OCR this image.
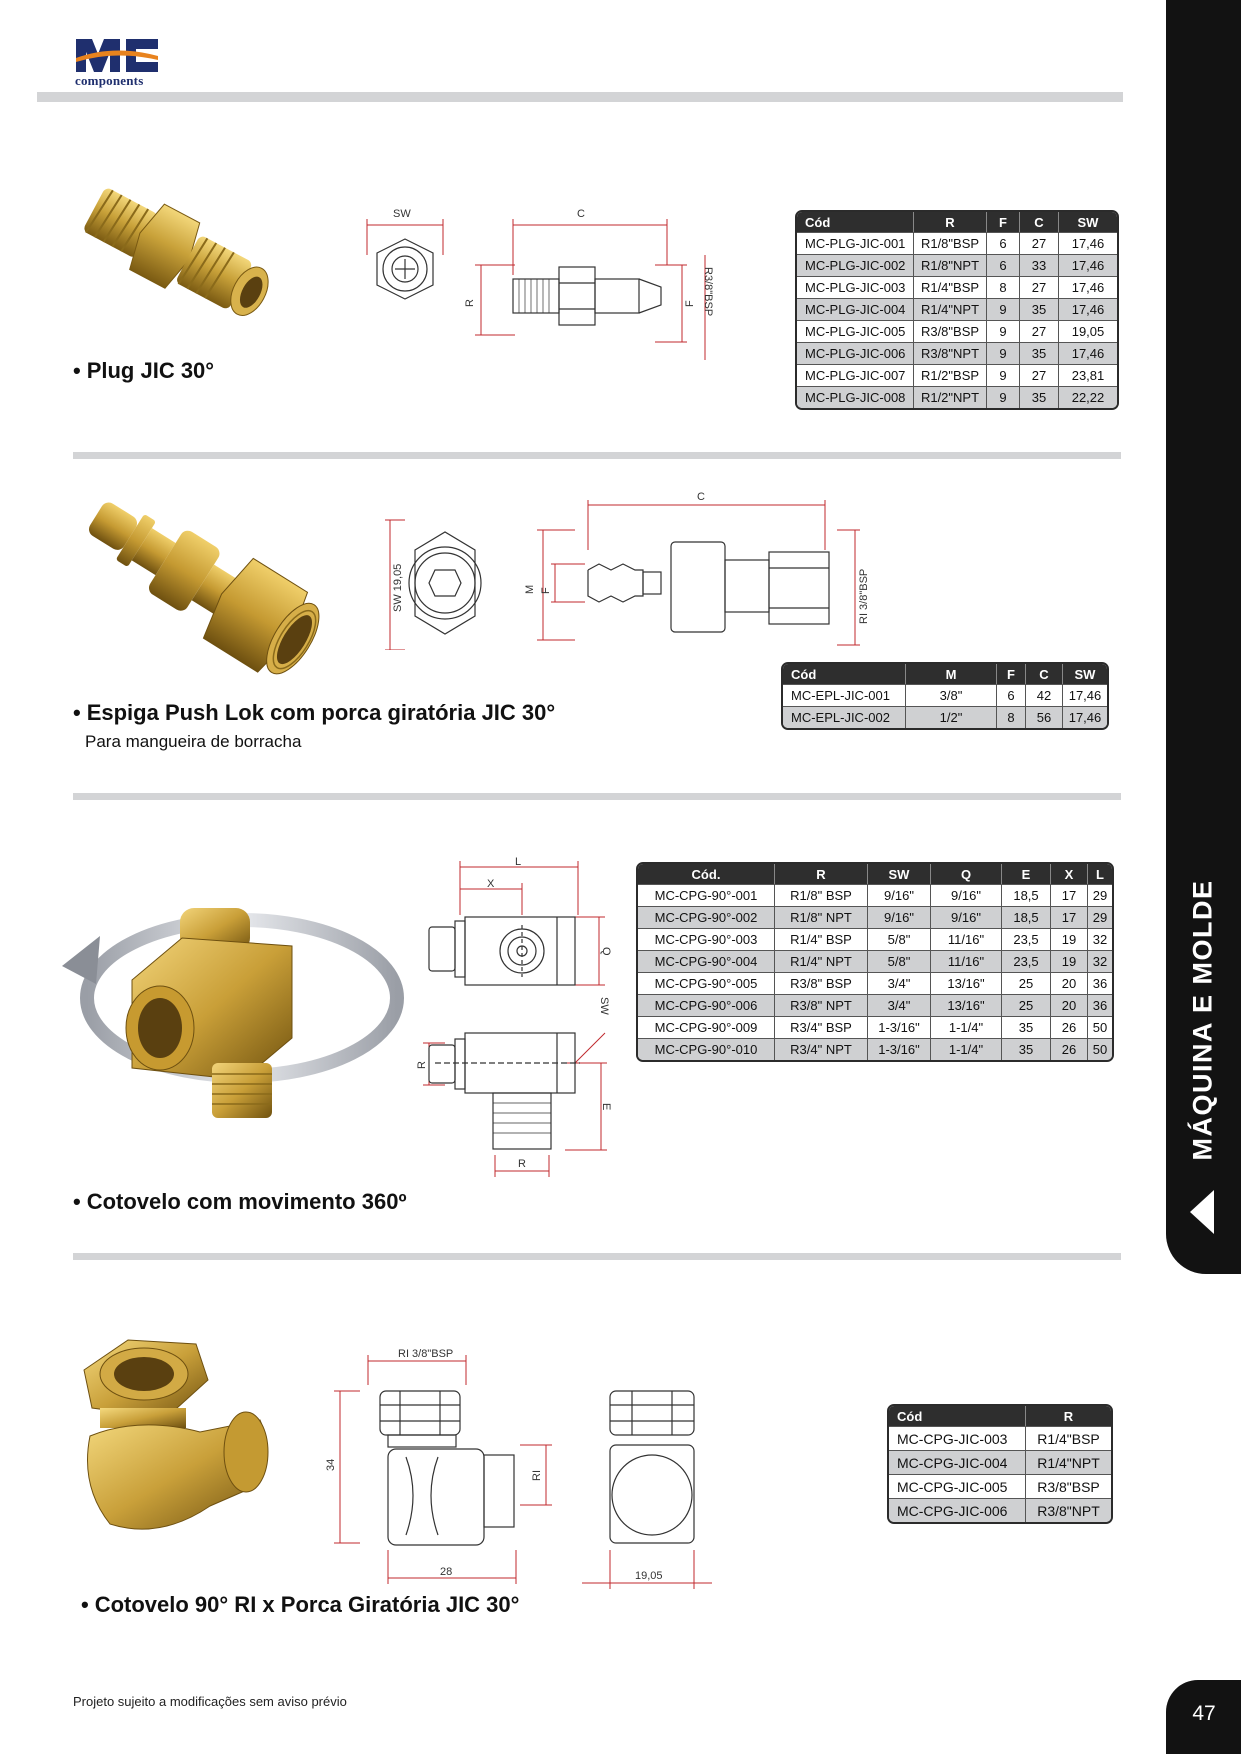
components
MÁQUINA E MOLDE
SW	C
R	F R3/8"BSP
• Plug JIC 30°
Cód	R	F	C	SW
MC-PLG-JIC-001	R1/8"BSP	6	27	17,46
MC-PLG-JIC-002	R1/8"NPT	6	33	17,46
MC-PLG-JIC-003	R1/4"BSP	8	27	17,46
MC-PLG-JIC-004	R1/4"NPT	9	35	17,46
MC-PLG-JIC-005	R3/8"BSP	9	27	19,05
MC-PLG-JIC-006	R3/8"NPT	9	35	17,46
MC-PLG-JIC-007	R1/2"BSP	9	27	23,81
MC-PLG-JIC-008	R1/2"NPT	9	35	22,22
SW 19,05
C
M F	RI 3/8"BSP
• Espiga Push Lok com porca giratória JIC 30°
Para mangueira de borracha
Cód	M	F	C	SW
MC-EPL-JIC-001	3/8"	6	42	17,46
MC-EPL-JIC-002	1/2"	8	56	17,46
L
X
Q
SW
R
E
R
Cód.	R	SW	Q	E	X	L
MC-CPG-90°-001	R1/8" BSP	9/16"	9/16"	18,5	17	29
MC-CPG-90°-002	R1/8" NPT	9/16"	9/16"	18,5	17	29
MC-CPG-90°-003	R1/4" BSP	5/8"	11/16"	23,5	19	32
MC-CPG-90°-004	R1/4" NPT	5/8"	11/16"	23,5	19	32
MC-CPG-90°-005	R3/8" BSP	3/4"	13/16"	25	20	36
MC-CPG-90°-006	R3/8" NPT	3/4"	13/16"	25	20	36
MC-CPG-90°-009	R3/4" BSP	1-3/16"	1-1/4"	35	26	50
MC-CPG-90°-010	R3/4" NPT	1-3/16"	1-1/4"	35	26	50
• Cotovelo com movimento 360º
RI 3/8"BSP
34
RI
28	19,05
Cód	R
MC-CPG-JIC-003	R1/4"BSP
MC-CPG-JIC-004	R1/4"NPT
MC-CPG-JIC-005	R3/8"BSP
MC-CPG-JIC-006	R3/8"NPT
• Cotovelo 90° RI x Porca Giratória JIC 30°
Projeto sujeito a modificações sem aviso prévio
47
